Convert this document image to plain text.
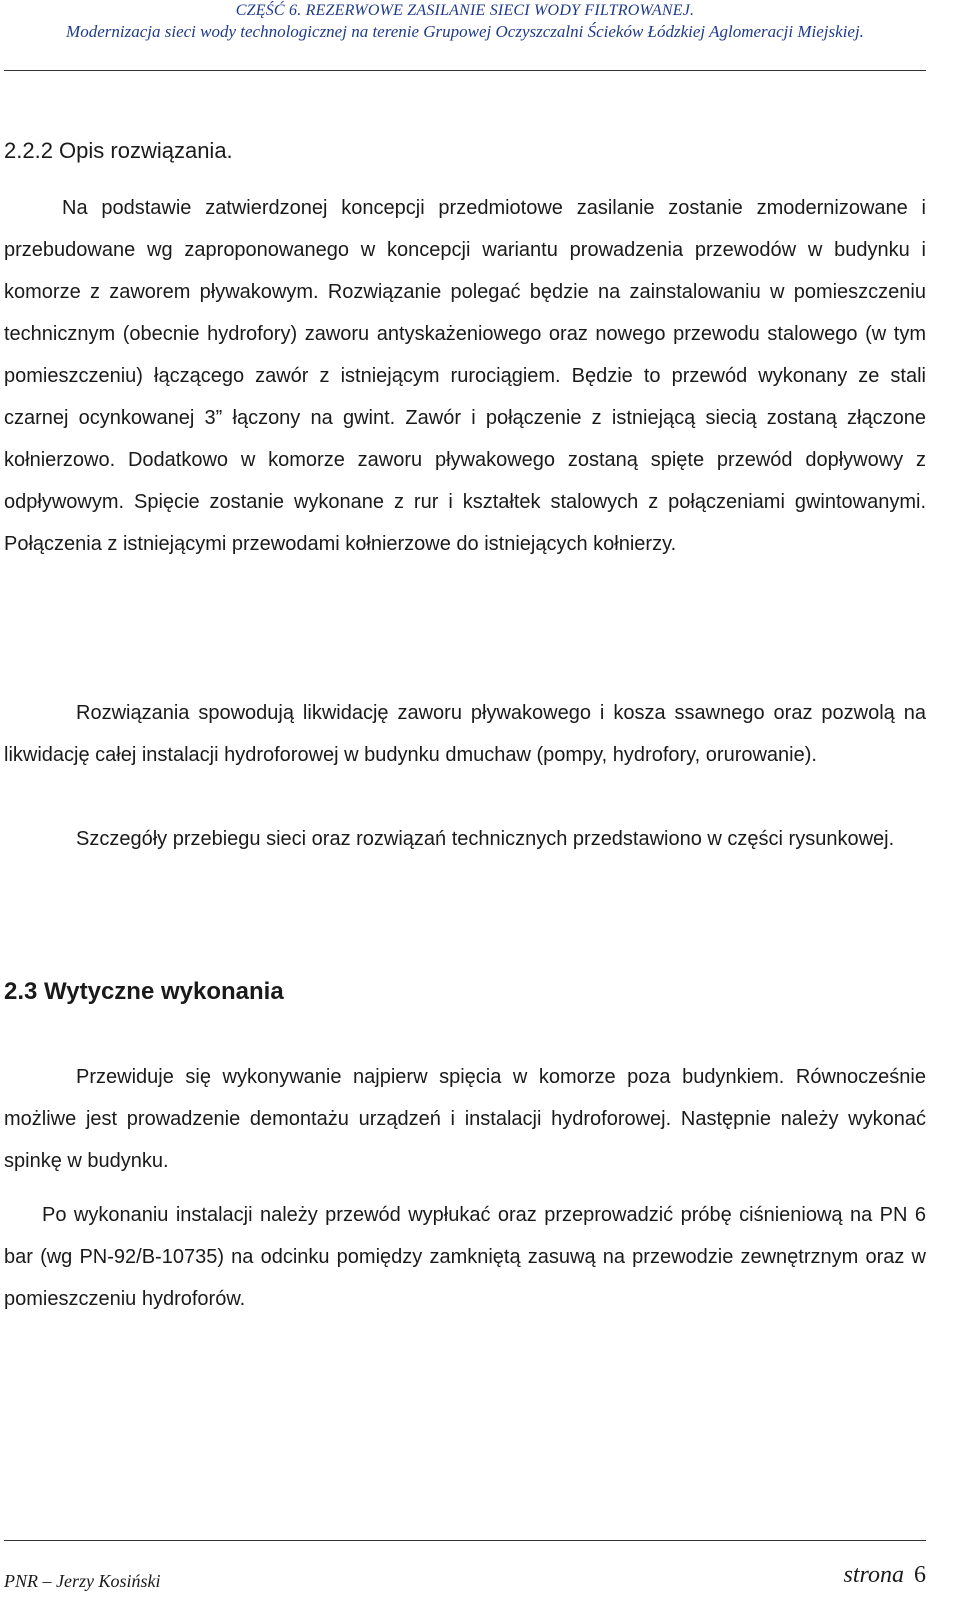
CZĘŚĆ 6. REZERWOWE ZASILANIE SIECI WODY FILTROWANEJ.
Modernizacja sieci wody technologicznej na terenie Grupowej Oczyszczalni Ścieków Łódzkiej Aglomeracji Miejskiej.
2.2.2 Opis rozwiązania.

Na podstawie zatwierdzonej koncepcji przedmiotowe zasilanie zostanie zmodernizowane i przebudowane wg zaproponowanego w koncepcji wariantu prowadzenia przewodów w budynku i komorze z zaworem pływakowym. Rozwiązanie polegać będzie na zainstalowaniu w pomieszczeniu technicznym (obecnie hydrofory) zaworu antyskażeniowego oraz nowego przewodu stalowego (w tym pomieszczeniu) łączącego zawór z istniejącym rurociągiem. Będzie to przewód wykonany ze stali czarnej ocynkowanej 3” łączony na gwint. Zawór i połączenie z istniejącą siecią zostaną złączone kołnierzowo. Dodatkowo w komorze zaworu pływakowego zostaną spięte przewód dopływowy z odpływowym. Spięcie zostanie wykonane z rur i kształtek stalowych z połączeniami gwintowanymi. Połączenia z istniejącymi przewodami kołnierzowe do istniejących kołnierzy.

Rozwiązania spowodują likwidację zaworu pływakowego i kosza ssawnego oraz pozwolą na likwidację całej instalacji hydroforowej w budynku dmuchaw (pompy, hydrofory, orurowanie).

Szczegóły przebiegu sieci oraz rozwiązań technicznych przedstawiono w części rysunkowej.

2.3 Wytyczne wykonania

Przewiduje się wykonywanie najpierw spięcia w komorze poza budynkiem. Równocześnie możliwe jest prowadzenie demontażu urządzeń i instalacji hydroforowej. Następnie należy wykonać spinkę w budynku.

Po wykonaniu instalacji należy przewód wypłukać oraz przeprowadzić próbę ciśnieniową na PN 6 bar (wg PN-92/B-10735) na odcinku pomiędzy zamkniętą zasuwą na przewodzie zewnętrznym oraz w pomieszczeniu hydroforów.

PNR – Jerzy Kosiński	strona 6
